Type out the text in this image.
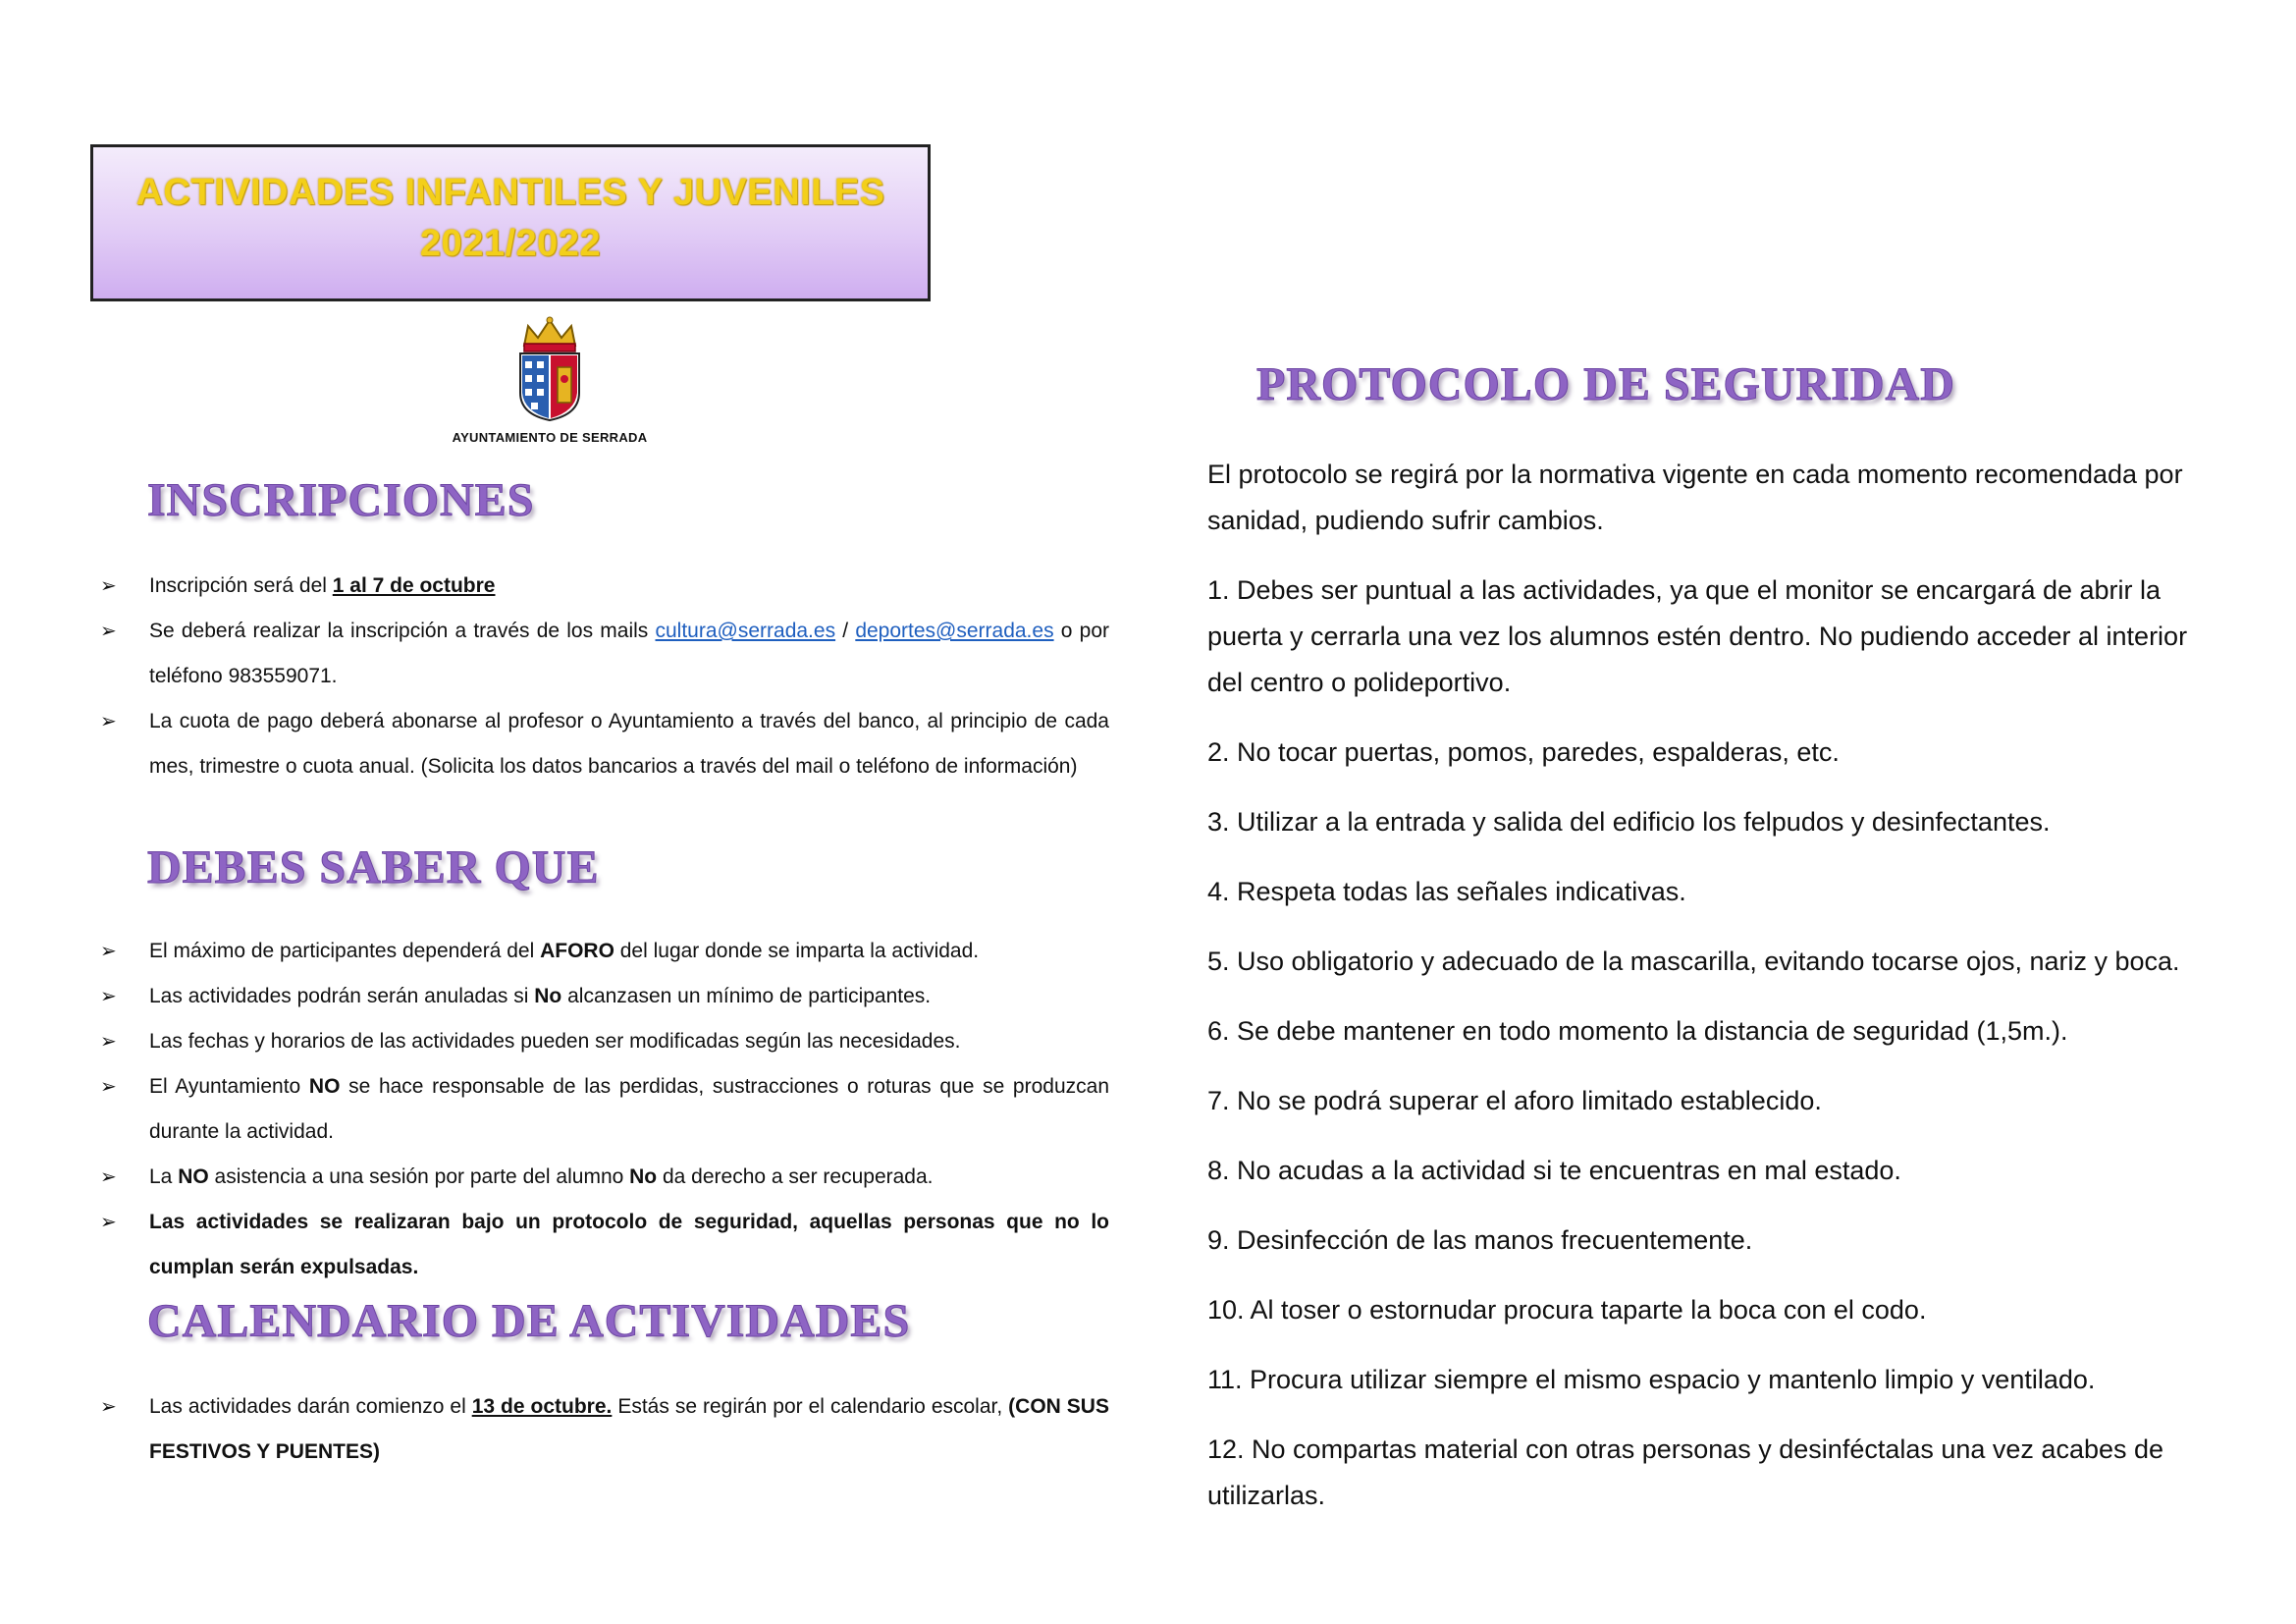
ACTIVIDADES INFANTILES Y JUVENILES
2021/2022
AYUNTAMIENTO DE SERRADA
INSCRIPCIONES
➢ Inscripción será del 1 al 7 de octubre
➢ Se deberá realizar la inscripción a través de los mails cultura@serrada.es / deportes@serrada.es o por teléfono 983559071.
➢ La cuota de pago deberá abonarse al profesor o Ayuntamiento a través del banco, al principio de cada mes, trimestre o cuota anual. (Solicita los datos bancarios a través del mail o teléfono de información)
DEBES SABER QUE
➢ El máximo de participantes dependerá del AFORO del lugar donde se imparta la actividad.
➢ Las actividades podrán serán anuladas si No alcanzasen un mínimo de participantes.
➢ Las fechas y horarios de las actividades pueden ser modificadas según las necesidades.
➢ El Ayuntamiento NO se hace responsable de las perdidas, sustracciones o roturas que se produzcan durante la actividad.
➢ La NO asistencia a una sesión por parte del alumno No da derecho a ser recuperada.
➢ Las actividades se realizaran bajo un protocolo de seguridad, aquellas personas que no lo cumplan serán expulsadas.
CALENDARIO DE ACTIVIDADES
➢ Las actividades darán comienzo el 13 de octubre. Estás se regirán por el calendario escolar, (CON SUS FESTIVOS Y PUENTES)
PROTOCOLO DE SEGURIDAD

El protocolo se regirá por la normativa vigente en cada momento recomendada por sanidad, pudiendo sufrir cambios.

1. Debes ser puntual a las actividades, ya que el monitor se encargará de abrir la puerta y cerrarla una vez los alumnos estén dentro. No pudiendo acceder al interior del centro o polideportivo.

2. No tocar puertas, pomos, paredes, espalderas, etc.

3. Utilizar a la entrada y salida del edificio los felpudos y desinfectantes.

4. Respeta todas las señales indicativas.

5. Uso obligatorio y adecuado de la mascarilla, evitando tocarse ojos, nariz y boca.

6. Se debe mantener en todo momento la distancia de seguridad (1,5m.).

7. No se podrá superar el aforo limitado establecido.

8. No acudas a la actividad si te encuentras en mal estado.

9. Desinfección de las manos frecuentemente.

10. Al toser o estornudar procura taparte la boca con el codo.

11. Procura utilizar siempre el mismo espacio y mantenlo limpio y ventilado.

12. No compartas material con otras personas y desinféctalas una vez acabes de utilizarlas.
